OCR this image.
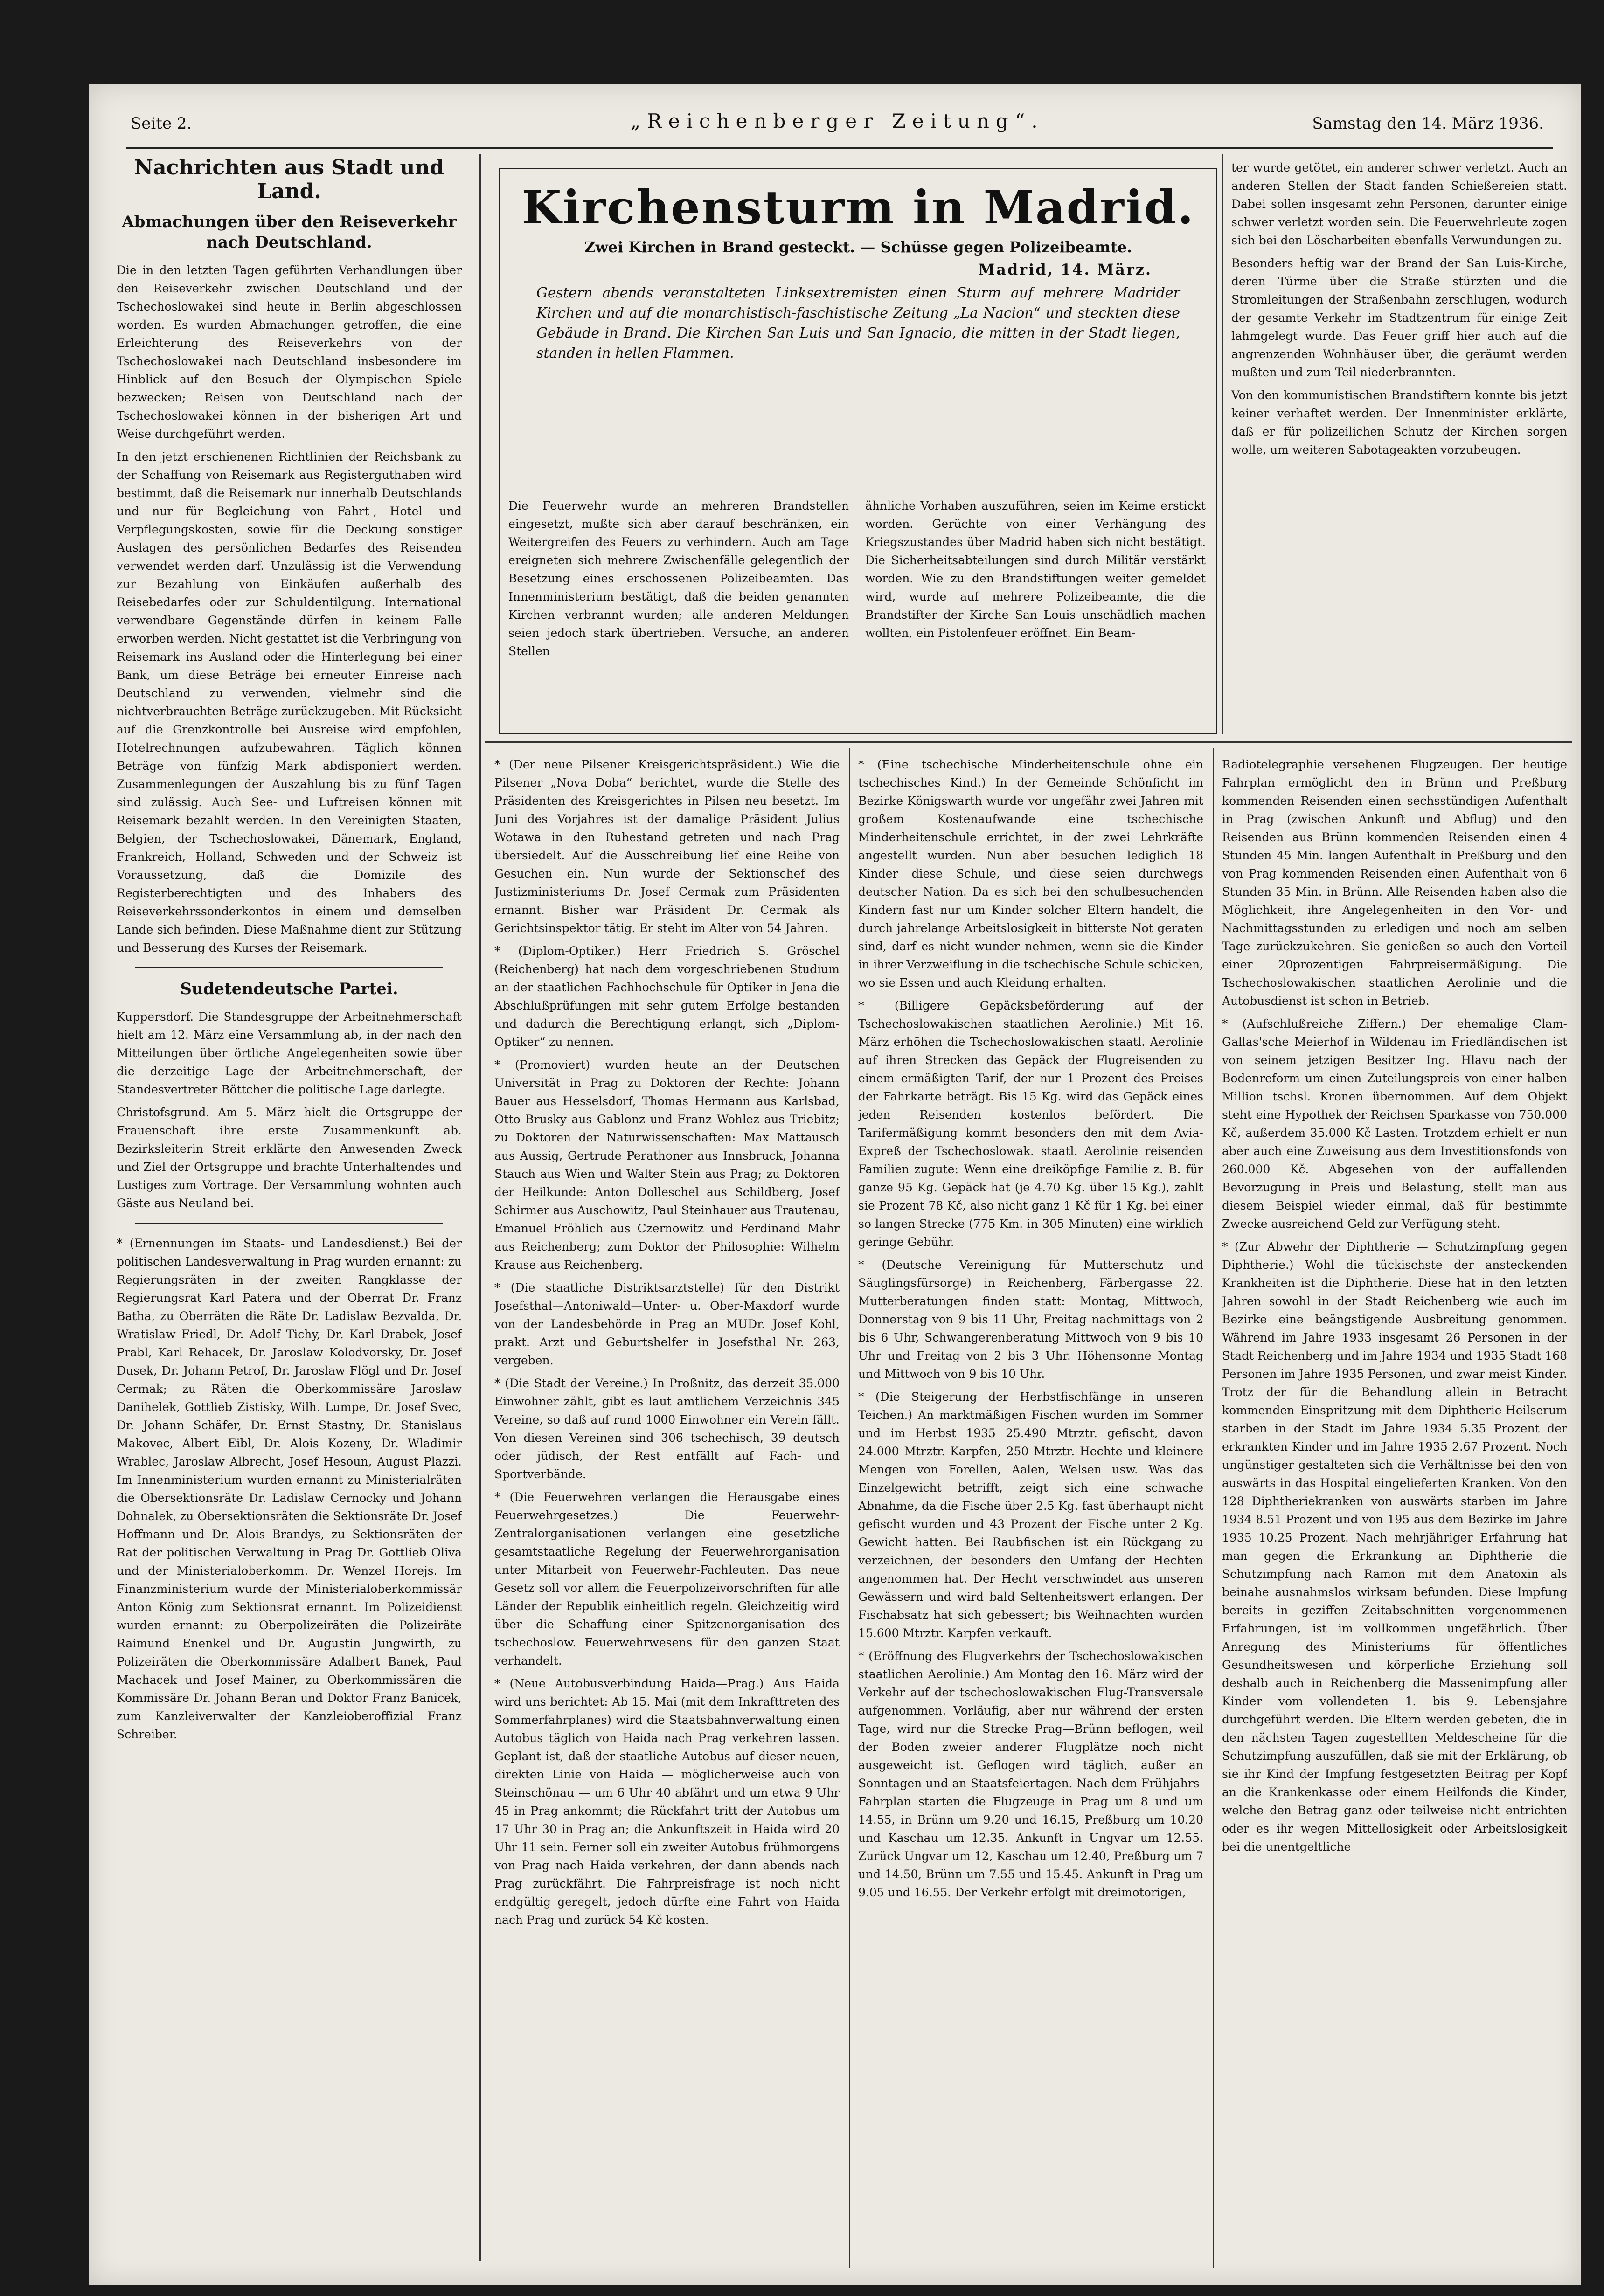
Seite 2.	„Reichenberger Zeitung“.	Samstag den 14. März 1936.
Nachrichten aus Stadt und Land.
Abmachungen über den Reiseverkehr nach Deutschland.

Die in den letzten Tagen geführten Verhandlungen über den Reiseverkehr zwischen Deutschland und der Tschechoslowakei sind heute in Berlin abgeschlossen worden. Es wurden Abmachungen getroffen, die eine Erleichterung des Reiseverkehrs von der Tschechoslowakei nach Deutschland insbesondere im Hinblick auf den Besuch der Olympischen Spiele bezwecken; Reisen von Deutschland nach der Tschechoslowakei können in der bisherigen Art und Weise durchgeführt werden.

In den jetzt erschienenen Richtlinien der Reichsbank zu der Schaffung von Reisemark aus Registerguthaben wird bestimmt, daß die Reisemark nur innerhalb Deutschlands und nur für Begleichung von Fahrt-, Hotel- und Verpflegungskosten, sowie für die Deckung sonstiger Auslagen des persönlichen Bedarfes des Reisenden verwendet werden darf. Unzulässig ist die Verwendung zur Bezahlung von Einkäufen außerhalb des Reisebedarfes oder zur Schuldentilgung. International verwendbare Gegenstände dürfen in keinem Falle erworben werden. Nicht gestattet ist die Verbringung von Reisemark ins Ausland oder die Hinterlegung bei einer Bank, um diese Beträge bei erneuter Einreise nach Deutschland zu verwenden, vielmehr sind die nichtverbrauchten Beträge zurückzugeben. Mit Rücksicht auf die Grenzkontrolle bei Ausreise wird empfohlen, Hotelrechnungen aufzubewahren. Täglich können Beträge von fünfzig Mark abdisponiert werden. Zusammenlegungen der Auszahlung bis zu fünf Tagen sind zulässig. Auch See- und Luftreisen können mit Reisemark bezahlt werden. In den Vereinigten Staaten, Belgien, der Tschechoslowakei, Dänemark, England, Frankreich, Holland, Schweden und der Schweiz ist Voraussetzung, daß die Domizile des Registerberechtigten und des Inhabers des Reiseverkehrssonderkontos in einem und demselben Lande sich befinden. Diese Maßnahme dient zur Stützung und Besserung des Kurses der Reisemark.

Sudetendeutsche Partei.

Kuppersdorf. Die Standesgruppe der Arbeitnehmerschaft hielt am 12. März eine Versammlung ab, in der nach den Mitteilungen über örtliche Angelegenheiten sowie über die derzeitige Lage der Arbeitnehmerschaft, der Standesvertreter Böttcher die politische Lage darlegte.

Christofsgrund. Am 5. März hielt die Ortsgruppe der Frauenschaft ihre erste Zusammenkunft ab. Bezirksleiterin Streit erklärte den Anwesenden Zweck und Ziel der Ortsgruppe und brachte Unterhaltendes und Lustiges zum Vortrage. Der Versammlung wohnten auch Gäste aus Neuland bei.

* (Ernennungen im Staats- und Landesdienst.) Bei der politischen Landesverwaltung in Prag wurden ernannt: zu Regierungsräten in der zweiten Rangklasse der Regierungsrat Karl Patera und der Oberrat Dr. Franz Batha, zu Oberräten die Räte Dr. Ladislaw Bezvalda, Dr. Wratislaw Friedl, Dr. Adolf Tichy, Dr. Karl Drabek, Josef Prabl, Karl Rehacek, Dr. Jaroslaw Kolodvorsky, Dr. Josef Dusek, Dr. Johann Petrof, Dr. Jaroslaw Flögl und Dr. Josef Cermak; zu Räten die Oberkommissäre Jaroslaw Danihelek, Gottlieb Zistisky, Wilh. Lumpe, Dr. Josef Svec, Dr. Johann Schäfer, Dr. Ernst Stastny, Dr. Stanislaus Makovec, Albert Eibl, Dr. Alois Kozeny, Dr. Wladimir Wrablec, Jaroslaw Albrecht, Josef Hesoun, August Plazzi. Im Innenministerium wurden ernannt zu Ministerialräten die Obersektionsräte Dr. Ladislaw Cernocky und Johann Dohnalek, zu Obersektionsräten die Sektionsräte Dr. Josef Hoffmann und Dr. Alois Brandys, zu Sektionsräten der Rat der politischen Verwaltung in Prag Dr. Gottlieb Oliva und der Ministerialoberkomm. Dr. Wenzel Horejs. Im Finanzministerium wurde der Ministerialoberkommissär Anton König zum Sektionsrat ernannt. Im Polizeidienst wurden ernannt: zu Oberpolizeiräten die Polizeiräte Raimund Enenkel und Dr. Augustin Jungwirth, zu Polizeiräten die Oberkommissäre Adalbert Banek, Paul Machacek und Josef Mainer, zu Oberkommissären die Kommissäre Dr. Johann Beran und Doktor Franz Banicek, zum Kanzleiverwalter der Kanzleioberoffizial Franz Schreiber.

Kirchensturm in Madrid.
Zwei Kirchen in Brand gesteckt. — Schüsse gegen Polizeibeamte.
Madrid, 14. März.
Gestern abends veranstalteten Linksextremisten einen Sturm auf mehrere Madrider Kirchen und auf die monarchistisch-faschistische Zeitung „La Nacion“ und steckten diese Gebäude in Brand. Die Kirchen San Luis und San Ignacio, die mitten in der Stadt liegen, standen in hellen Flammen.

Die Feuerwehr wurde an mehreren Brandstellen eingesetzt, mußte sich aber darauf beschränken, ein Weitergreifen des Feuers zu verhindern. Auch am Tage ereigneten sich mehrere Zwischenfälle gelegentlich der Besetzung eines erschossenen Polizeibeamten. Das Innenministerium bestätigt, daß die beiden genannten Kirchen verbrannt wurden; alle anderen Meldungen seien jedoch stark übertrieben. Versuche, an anderen Stellen

ähnliche Vorhaben auszuführen, seien im Keime erstickt worden. Gerüchte von einer Verhängung des Kriegszustandes über Madrid haben sich nicht bestätigt. Die Sicherheitsabteilungen sind durch Militär verstärkt worden. Wie zu den Brandstiftungen weiter gemeldet wird, wurde auf mehrere Polizeibeamte, die die Brandstifter der Kirche San Louis unschädlich machen wollten, ein Pistolenfeuer eröffnet. Ein Beam-

ter wurde getötet, ein anderer schwer verletzt. Auch an anderen Stellen der Stadt fanden Schießereien statt. Dabei sollen insgesamt zehn Personen, darunter einige schwer verletzt worden sein. Die Feuerwehrleute zogen sich bei den Löscharbeiten ebenfalls Verwundungen zu.

Besonders heftig war der Brand der San Luis-Kirche, deren Türme über die Straße stürzten und die Stromleitungen der Straßenbahn zerschlugen, wodurch der gesamte Verkehr im Stadtzentrum für einige Zeit lahmgelegt wurde. Das Feuer griff hier auch auf die angrenzenden Wohnhäuser über, die geräumt werden mußten und zum Teil niederbrannten.

Von den kommunistischen Brandstiftern konnte bis jetzt keiner verhaftet werden. Der Innenminister erklärte, daß er für polizeilichen Schutz der Kirchen sorgen wolle, um weiteren Sabotageakten vorzubeugen.

* (Der neue Pilsener Kreisgerichtspräsident.) Wie die Pilsener „Nova Doba“ berichtet, wurde die Stelle des Präsidenten des Kreisgerichtes in Pilsen neu besetzt. Im Juni des Vorjahres ist der damalige Präsident Julius Wotawa in den Ruhestand getreten und nach Prag übersiedelt. Auf die Ausschreibung lief eine Reihe von Gesuchen ein. Nun wurde der Sektionschef des Justizministeriums Dr. Josef Cermak zum Präsidenten ernannt. Bisher war Präsident Dr. Cermak als Gerichtsinspektor tätig. Er steht im Alter von 54 Jahren.

* (Diplom-Optiker.) Herr Friedrich S. Gröschel (Reichenberg) hat nach dem vorgeschriebenen Studium an der staatlichen Fachhochschule für Optiker in Jena die Abschlußprüfungen mit sehr gutem Erfolge bestanden und dadurch die Berechtigung erlangt, sich „Diplom-Optiker“ zu nennen.

* (Promoviert) wurden heute an der Deutschen Universität in Prag zu Doktoren der Rechte: Johann Bauer aus Hesselsdorf, Thomas Hermann aus Karlsbad, Otto Brusky aus Gablonz und Franz Wohlez aus Triebitz; zu Doktoren der Naturwissenschaften: Max Mattausch aus Aussig, Gertrude Perathoner aus Innsbruck, Johanna Stauch aus Wien und Walter Stein aus Prag; zu Doktoren der Heilkunde: Anton Dolleschel aus Schildberg, Josef Schirmer aus Auschowitz, Paul Steinhauer aus Trautenau, Emanuel Fröhlich aus Czernowitz und Ferdinand Mahr aus Reichenberg; zum Doktor der Philosophie: Wilhelm Krause aus Reichenberg.

* (Die staatliche Distriktsarztstelle) für den Distrikt Josefsthal—Antoniwald—Unter- u. Ober-Maxdorf wurde von der Landesbehörde in Prag an MUDr. Josef Kohl, prakt. Arzt und Geburtshelfer in Josefsthal Nr. 263, vergeben.

* (Die Stadt der Vereine.) In Proßnitz, das derzeit 35.000 Einwohner zählt, gibt es laut amtlichem Verzeichnis 345 Vereine, so daß auf rund 1000 Einwohner ein Verein fällt. Von diesen Vereinen sind 306 tschechisch, 39 deutsch oder jüdisch, der Rest entfällt auf Fach- und Sportverbände.

* (Die Feuerwehren verlangen die Herausgabe eines Feuerwehrgesetzes.) Die Feuerwehr-Zentralorganisationen verlangen eine gesetzliche gesamtstaatliche Regelung der Feuerwehrorganisation unter Mitarbeit von Feuerwehr-Fachleuten. Das neue Gesetz soll vor allem die Feuerpolizeivorschriften für alle Länder der Republik einheitlich regeln. Gleichzeitig wird über die Schaffung einer Spitzenorganisation des tschechoslow. Feuerwehrwesens für den ganzen Staat verhandelt.

* (Neue Autobusverbindung Haida—Prag.) Aus Haida wird uns berichtet: Ab 15. Mai (mit dem Inkrafttreten des Sommerfahrplanes) wird die Staatsbahnverwaltung einen Autobus täglich von Haida nach Prag verkehren lassen. Geplant ist, daß der staatliche Autobus auf dieser neuen, direkten Linie von Haida — möglicherweise auch von Steinschönau — um 6 Uhr 40 abfährt und um etwa 9 Uhr 45 in Prag ankommt; die Rückfahrt tritt der Autobus um 17 Uhr 30 in Prag an; die Ankunftszeit in Haida wird 20 Uhr 11 sein. Ferner soll ein zweiter Autobus frühmorgens von Prag nach Haida verkehren, der dann abends nach Prag zurückfährt. Die Fahrpreisfrage ist noch nicht endgültig geregelt, jedoch dürfte eine Fahrt von Haida nach Prag und zurück 54 Kč kosten.

* (Eine tschechische Minderheitenschule ohne ein tschechisches Kind.) In der Gemeinde Schönficht im Bezirke Königswarth wurde vor ungefähr zwei Jahren mit großem Kostenaufwande eine tschechische Minderheitenschule errichtet, in der zwei Lehrkräfte angestellt wurden. Nun aber besuchen lediglich 18 Kinder diese Schule, und diese seien durchwegs deutscher Nation. Da es sich bei den schulbesuchenden Kindern fast nur um Kinder solcher Eltern handelt, die durch jahrelange Arbeitslosigkeit in bitterste Not geraten sind, darf es nicht wunder nehmen, wenn sie die Kinder in ihrer Verzweiflung in die tschechische Schule schicken, wo sie Essen und auch Kleidung erhalten.

* (Billigere Gepäcksbeförderung auf der Tschechoslowakischen staatlichen Aerolinie.) Mit 16. März erhöhen die Tschechoslowakischen staatl. Aerolinie auf ihren Strecken das Gepäck der Flugreisenden zu einem ermäßigten Tarif, der nur 1 Prozent des Preises der Fahrkarte beträgt. Bis 15 Kg. wird das Gepäck eines jeden Reisenden kostenlos befördert. Die Tarifermäßigung kommt besonders den mit dem Avia-Expreß der Tschechoslowak. staatl. Aerolinie reisenden Familien zugute: Wenn eine dreiköpfige Familie z. B. für ganze 95 Kg. Gepäck hat (je 4.70 Kg. über 15 Kg.), zahlt sie Prozent 78 Kč, also nicht ganz 1 Kč für 1 Kg. bei einer so langen Strecke (775 Km. in 305 Minuten) eine wirklich geringe Gebühr.

* (Deutsche Vereinigung für Mutterschutz und Säuglingsfürsorge) in Reichenberg, Färbergasse 22. Mutterberatungen finden statt: Montag, Mittwoch, Donnerstag von 9 bis 11 Uhr, Freitag nachmittags von 2 bis 6 Uhr, Schwangerenberatung Mittwoch von 9 bis 10 Uhr und Freitag von 2 bis 3 Uhr. Höhensonne Montag und Mittwoch von 9 bis 10 Uhr.

* (Die Steigerung der Herbstfischfänge in unseren Teichen.) An marktmäßigen Fischen wurden im Sommer und im Herbst 1935 25.490 Mtrztr. gefischt, davon 24.000 Mtrztr. Karpfen, 250 Mtrztr. Hechte und kleinere Mengen von Forellen, Aalen, Welsen usw. Was das Einzelgewicht betrifft, zeigt sich eine schwache Abnahme, da die Fische über 2.5 Kg. fast überhaupt nicht gefischt wurden und 43 Prozent der Fische unter 2 Kg. Gewicht hatten. Bei Raubfischen ist ein Rückgang zu verzeichnen, der besonders den Umfang der Hechten angenommen hat. Der Hecht verschwindet aus unseren Gewässern und wird bald Seltenheitswert erlangen. Der Fischabsatz hat sich gebessert; bis Weihnachten wurden 15.600 Mtrztr. Karpfen verkauft.

* (Eröffnung des Flugverkehrs der Tschechoslowakischen staatlichen Aerolinie.) Am Montag den 16. März wird der Verkehr auf der tschechoslowakischen Flug-Transversale aufgenommen. Vorläufig, aber nur während der ersten Tage, wird nur die Strecke Prag—Brünn beflogen, weil der Boden zweier anderer Flugplätze noch nicht ausgeweicht ist. Geflogen wird täglich, außer an Sonntagen und an Staatsfeiertagen. Nach dem Frühjahrs-Fahrplan starten die Flugzeuge in Prag um 8 und um 14.55, in Brünn um 9.20 und 16.15, Preßburg um 10.20 und Kaschau um 12.35. Ankunft in Ungvar um 12.55. Zurück Ungvar um 12, Kaschau um 12.40, Preßburg um 7 und 14.50, Brünn um 7.55 und 15.45. Ankunft in Prag um 9.05 und 16.55. Der Verkehr erfolgt mit dreimotorigen,

Radiotelegraphie versehenen Flugzeugen. Der heutige Fahrplan ermöglicht den in Brünn und Preßburg kommenden Reisenden einen sechsstündigen Aufenthalt in Prag (zwischen Ankunft und Abflug) und den Reisenden aus Brünn kommenden Reisenden einen 4 Stunden 45 Min. langen Aufenthalt in Preßburg und den von Prag kommenden Reisenden einen Aufenthalt von 6 Stunden 35 Min. in Brünn. Alle Reisenden haben also die Möglichkeit, ihre Angelegenheiten in den Vor- und Nachmittagsstunden zu erledigen und noch am selben Tage zurückzukehren. Sie genießen so auch den Vorteil einer 20prozentigen Fahrpreisermäßigung. Die Tschechoslowakischen staatlichen Aerolinie und die Autobusdienst ist schon in Betrieb.

* (Aufschlußreiche Ziffern.) Der ehemalige Clam-Gallas'sche Meierhof in Wildenau im Friedländischen ist von seinem jetzigen Besitzer Ing. Hlavu nach der Bodenreform um einen Zuteilungspreis von einer halben Million tschsl. Kronen übernommen. Auf dem Objekt steht eine Hypothek der Reichsen Sparkasse von 750.000 Kč, außerdem 35.000 Kč Lasten. Trotzdem erhielt er nun aber auch eine Zuweisung aus dem Investitionsfonds von 260.000 Kč. Abgesehen von der auffallenden Bevorzugung in Preis und Belastung, stellt man aus diesem Beispiel wieder einmal, daß für bestimmte Zwecke ausreichend Geld zur Verfügung steht.

* (Zur Abwehr der Diphtherie — Schutzimpfung gegen Diphtherie.) Wohl die tückischste der ansteckenden Krankheiten ist die Diphtherie. Diese hat in den letzten Jahren sowohl in der Stadt Reichenberg wie auch im Bezirke eine beängstigende Ausbreitung genommen. Während im Jahre 1933 insgesamt 26 Personen in der Stadt Reichenberg und im Jahre 1934 und 1935 Stadt 168 Personen im Jahre 1935 Personen, und zwar meist Kinder. Trotz der für die Behandlung allein in Betracht kommenden Einspritzung mit dem Diphtherie-Heilserum starben in der Stadt im Jahre 1934 5.35 Prozent der erkrankten Kinder und im Jahre 1935 2.67 Prozent. Noch ungünstiger gestalteten sich die Verhältnisse bei den von auswärts in das Hospital eingelieferten Kranken. Von den 128 Diphtheriekranken von auswärts starben im Jahre 1934 8.51 Prozent und von 195 aus dem Bezirke im Jahre 1935 10.25 Prozent. Nach mehrjähriger Erfahrung hat man gegen die Erkrankung an Diphtherie die Schutzimpfung nach Ramon mit dem Anatoxin als beinahe ausnahmslos wirksam befunden. Diese Impfung bereits in geziffen Zeitabschnitten vorgenommenen Erfahrungen, ist im vollkommen ungefährlich. Über Anregung des Ministeriums für öffentliches Gesundheitswesen und körperliche Erziehung soll deshalb auch in Reichenberg die Massenimpfung aller Kinder vom vollendeten 1. bis 9. Lebensjahre durchgeführt werden. Die Eltern werden gebeten, die in den nächsten Tagen zugestellten Meldescheine für die Schutzimpfung auszufüllen, daß sie mit der Erklärung, ob sie ihr Kind der Impfung festgesetzten Beitrag per Kopf an die Krankenkasse oder einem Heilfonds die Kinder, welche den Betrag ganz oder teilweise nicht entrichten oder es ihr wegen Mittellosigkeit oder Arbeitslosigkeit bei die unentgeltliche
